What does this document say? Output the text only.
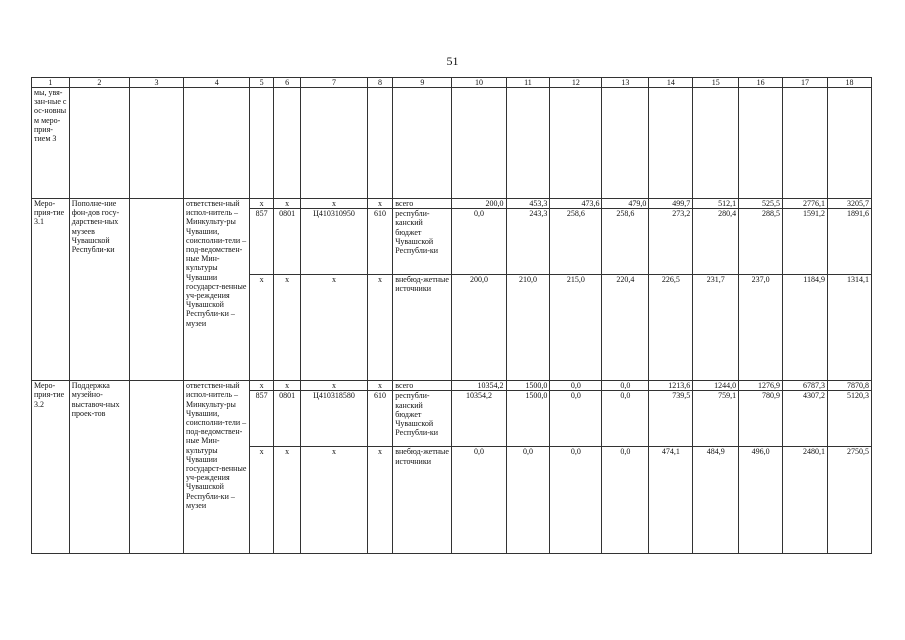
51
1	2	3	4	5	6	7	8	9	10	11	12	13	14	15	16	17	18
мы, увя-зан-ные с ос-новны м меро-прия-тием 3																	
Меро-прия-тие 3.1	Пополне-ние фон-дов госу-дарствен-ных музеев Чувашской Республи-ки		ответствен-ный испол-нитель – Минкульту-ры Чувашии, соисполни-тели – под-ведомствен-ные Мин-культуры Чувашии государст-венные уч-реждения Чувашской Республи-ки – музеи	x	x	x	x	всего	200,0	453,3	473,6	479,0	499,7	512,1	525,5	2776,1	3205,7
				857	0801	Ц410310950	610	республи-канский бюджет Чувашской Республи-ки	0,0	243,3	258,6	258,6	273,2	280,4	288,5	1591,2	1891,6
				x	x	x	x	внебюд-жетные источники	200,0	210,0	215,0	220,4	226,5	231,7	237,0	1184,9	1314,1
Меро-прия-тие 3.2	Поддержка музейно-выставоч-ных проек-тов		ответствен-ный испол-нитель – Минкульту-ры Чувашии, соисполни-тели – под-ведомствен-ные Мин-культуры Чувашии государст-венные уч-реждения Чувашской Республи-ки – музеи	x	x	x	x	всего	10354,2	1500,0	0,0	0,0	1213,6	1244,0	1276,9	6787,3	7870,8
				857	0801	Ц410318580	610	республи-канский бюджет Чувашской Республи-ки	10354,2	1500,0	0,0	0,0	739,5	759,1	780,9	4307,2	5120,3
				x	x	x	x	внебюд-жетные источники	0,0	0,0	0,0	0,0	474,1	484,9	496,0	2480,1	2750,5
